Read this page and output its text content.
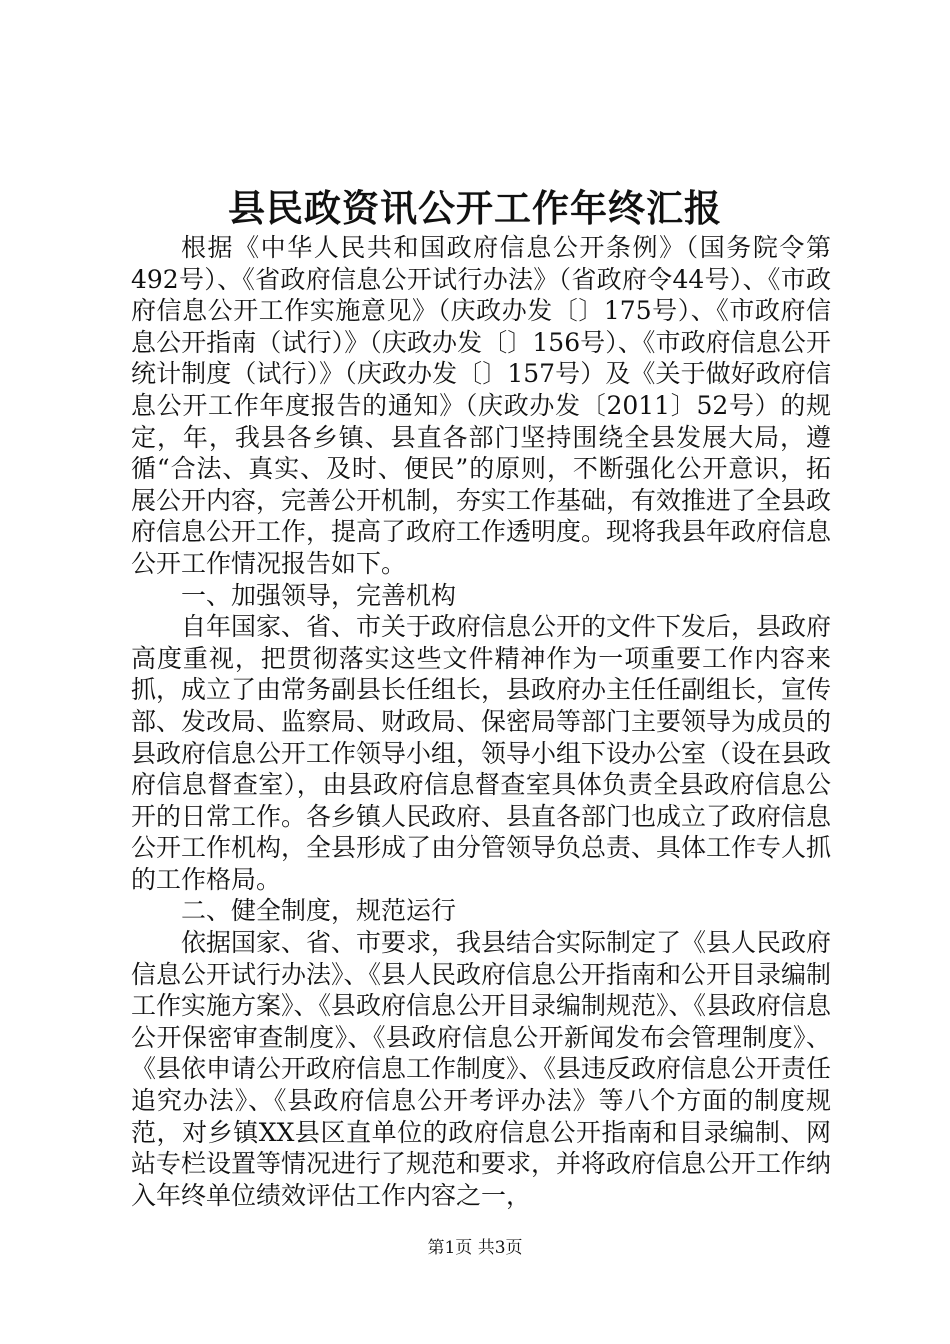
县民政资讯公开工作年终汇报

根据《中华人民共和国政府信息公开条例》（国务院令第492号）、《省政府信息公开试行办法》（省政府令44号）、《市政府信息公开工作实施意见》（庆政办发〔〕175号）、《市政府信息公开指南（试行）》（庆政办发〔〕156号）、《市政府信息公开统计制度（试行）》（庆政办发〔〕157号）及《关于做好政府信息公开工作年度报告的通知》（庆政办发〔2011〕52号）的规定，年，我县各乡镇、县直各部门坚持围绕全县发展大局，遵循“合法、真实、及时、便民”的原则，不断强化公开意识，拓展公开内容，完善公开机制，夯实工作基础，有效推进了全县政府信息公开工作，提高了政府工作透明度。现将我县年政府信息公开工作情况报告如下。

一、加强领导，完善机构

自年国家、省、市关于政府信息公开的文件下发后，县政府高度重视，把贯彻落实这些文件精神作为一项重要工作内容来抓，成立了由常务副县长任组长，县政府办主任任副组长，宣传部、发改局、监察局、财政局、保密局等部门主要领导为成员的县政府信息公开工作领导小组，领导小组下设办公室（设在县政府信息督查室），由县政府信息督查室具体负责全县政府信息公开的日常工作。各乡镇人民政府、县直各部门也成立了政府信息公开工作机构，全县形成了由分管领导负总责、具体工作专人抓的工作格局。

二、健全制度，规范运行

依据国家、省、市要求，我县结合实际制定了《县人民政府信息公开试行办法》、《县人民政府信息公开指南和公开目录编制工作实施方案》、《县政府信息公开目录编制规范》、《县政府信息公开保密审查制度》、《县政府信息公开新闻发布会管理制度》、《县依申请公开政府信息工作制度》、《县违反政府信息公开责任追究办法》、《县政府信息公开考评办法》等八个方面的制度规范，对乡镇XX县区直单位的政府信息公开指南和目录编制、网站专栏设置等情况进行了规范和要求，并将政府信息公开工作纳入年终单位绩效评估工作内容之一，

第1页 共3页
